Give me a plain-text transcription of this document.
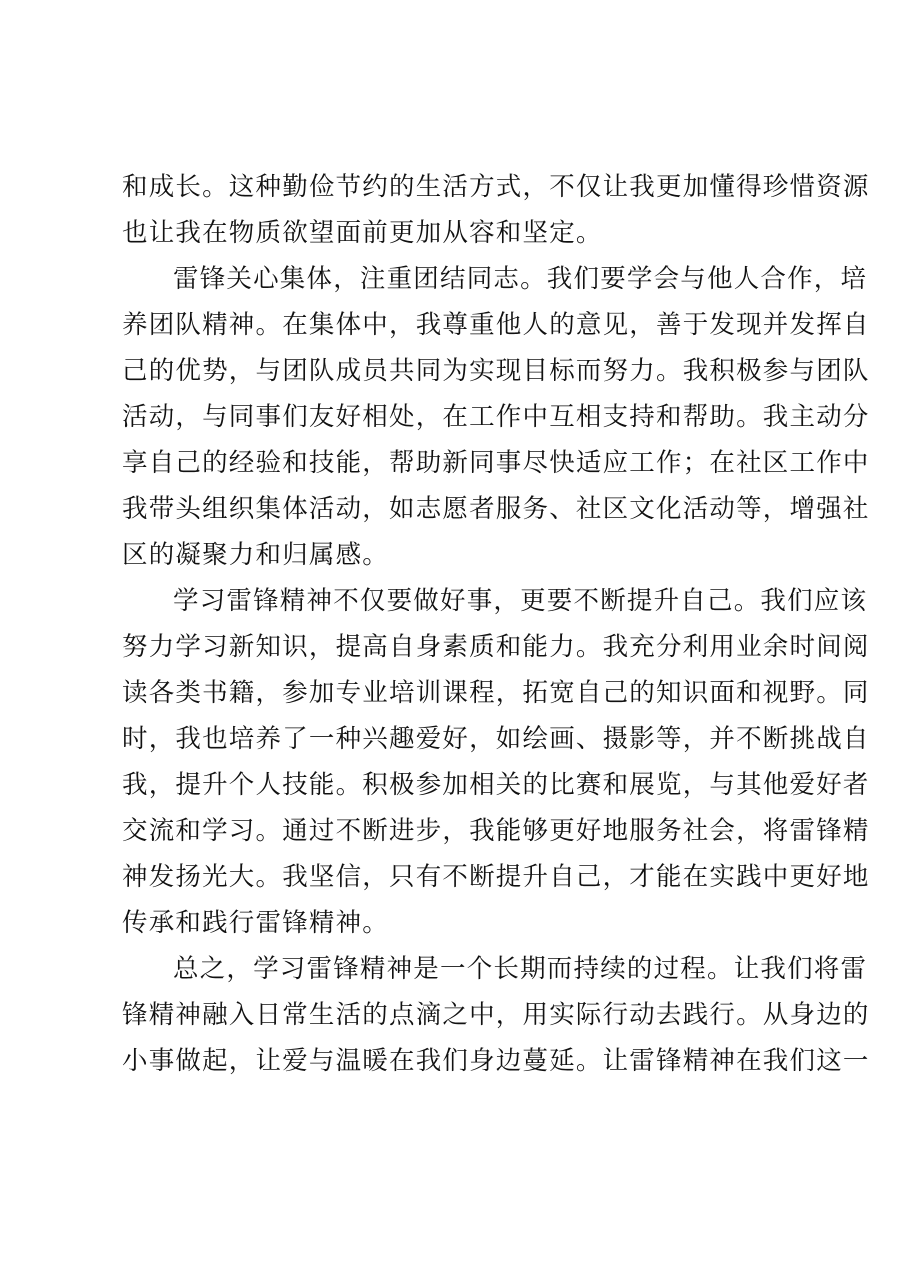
和成长。这种勤俭节约的生活方式，不仅让我更加懂得珍惜资源
也让我在物质欲望面前更加从容和坚定。
雷锋关心集体，注重团结同志。我们要学会与他人合作，培
养团队精神。在集体中，我尊重他人的意见，善于发现并发挥自
己的优势，与团队成员共同为实现目标而努力。我积极参与团队
活动，与同事们友好相处，在工作中互相支持和帮助。我主动分
享自己的经验和技能，帮助新同事尽快适应工作；在社区工作中
我带头组织集体活动，如志愿者服务、社区文化活动等，增强社
区的凝聚力和归属感。
学习雷锋精神不仅要做好事，更要不断提升自己。我们应该
努力学习新知识，提高自身素质和能力。我充分利用业余时间阅
读各类书籍，参加专业培训课程，拓宽自己的知识面和视野。同
时，我也培养了一种兴趣爱好，如绘画、摄影等，并不断挑战自
我，提升个人技能。积极参加相关的比赛和展览，与其他爱好者
交流和学习。通过不断进步，我能够更好地服务社会，将雷锋精
神发扬光大。我坚信，只有不断提升自己，才能在实践中更好地
传承和践行雷锋精神。
总之，学习雷锋精神是一个长期而持续的过程。让我们将雷
锋精神融入日常生活的点滴之中，用实际行动去践行。从身边的
小事做起，让爱与温暖在我们身边蔓延。让雷锋精神在我们这一
